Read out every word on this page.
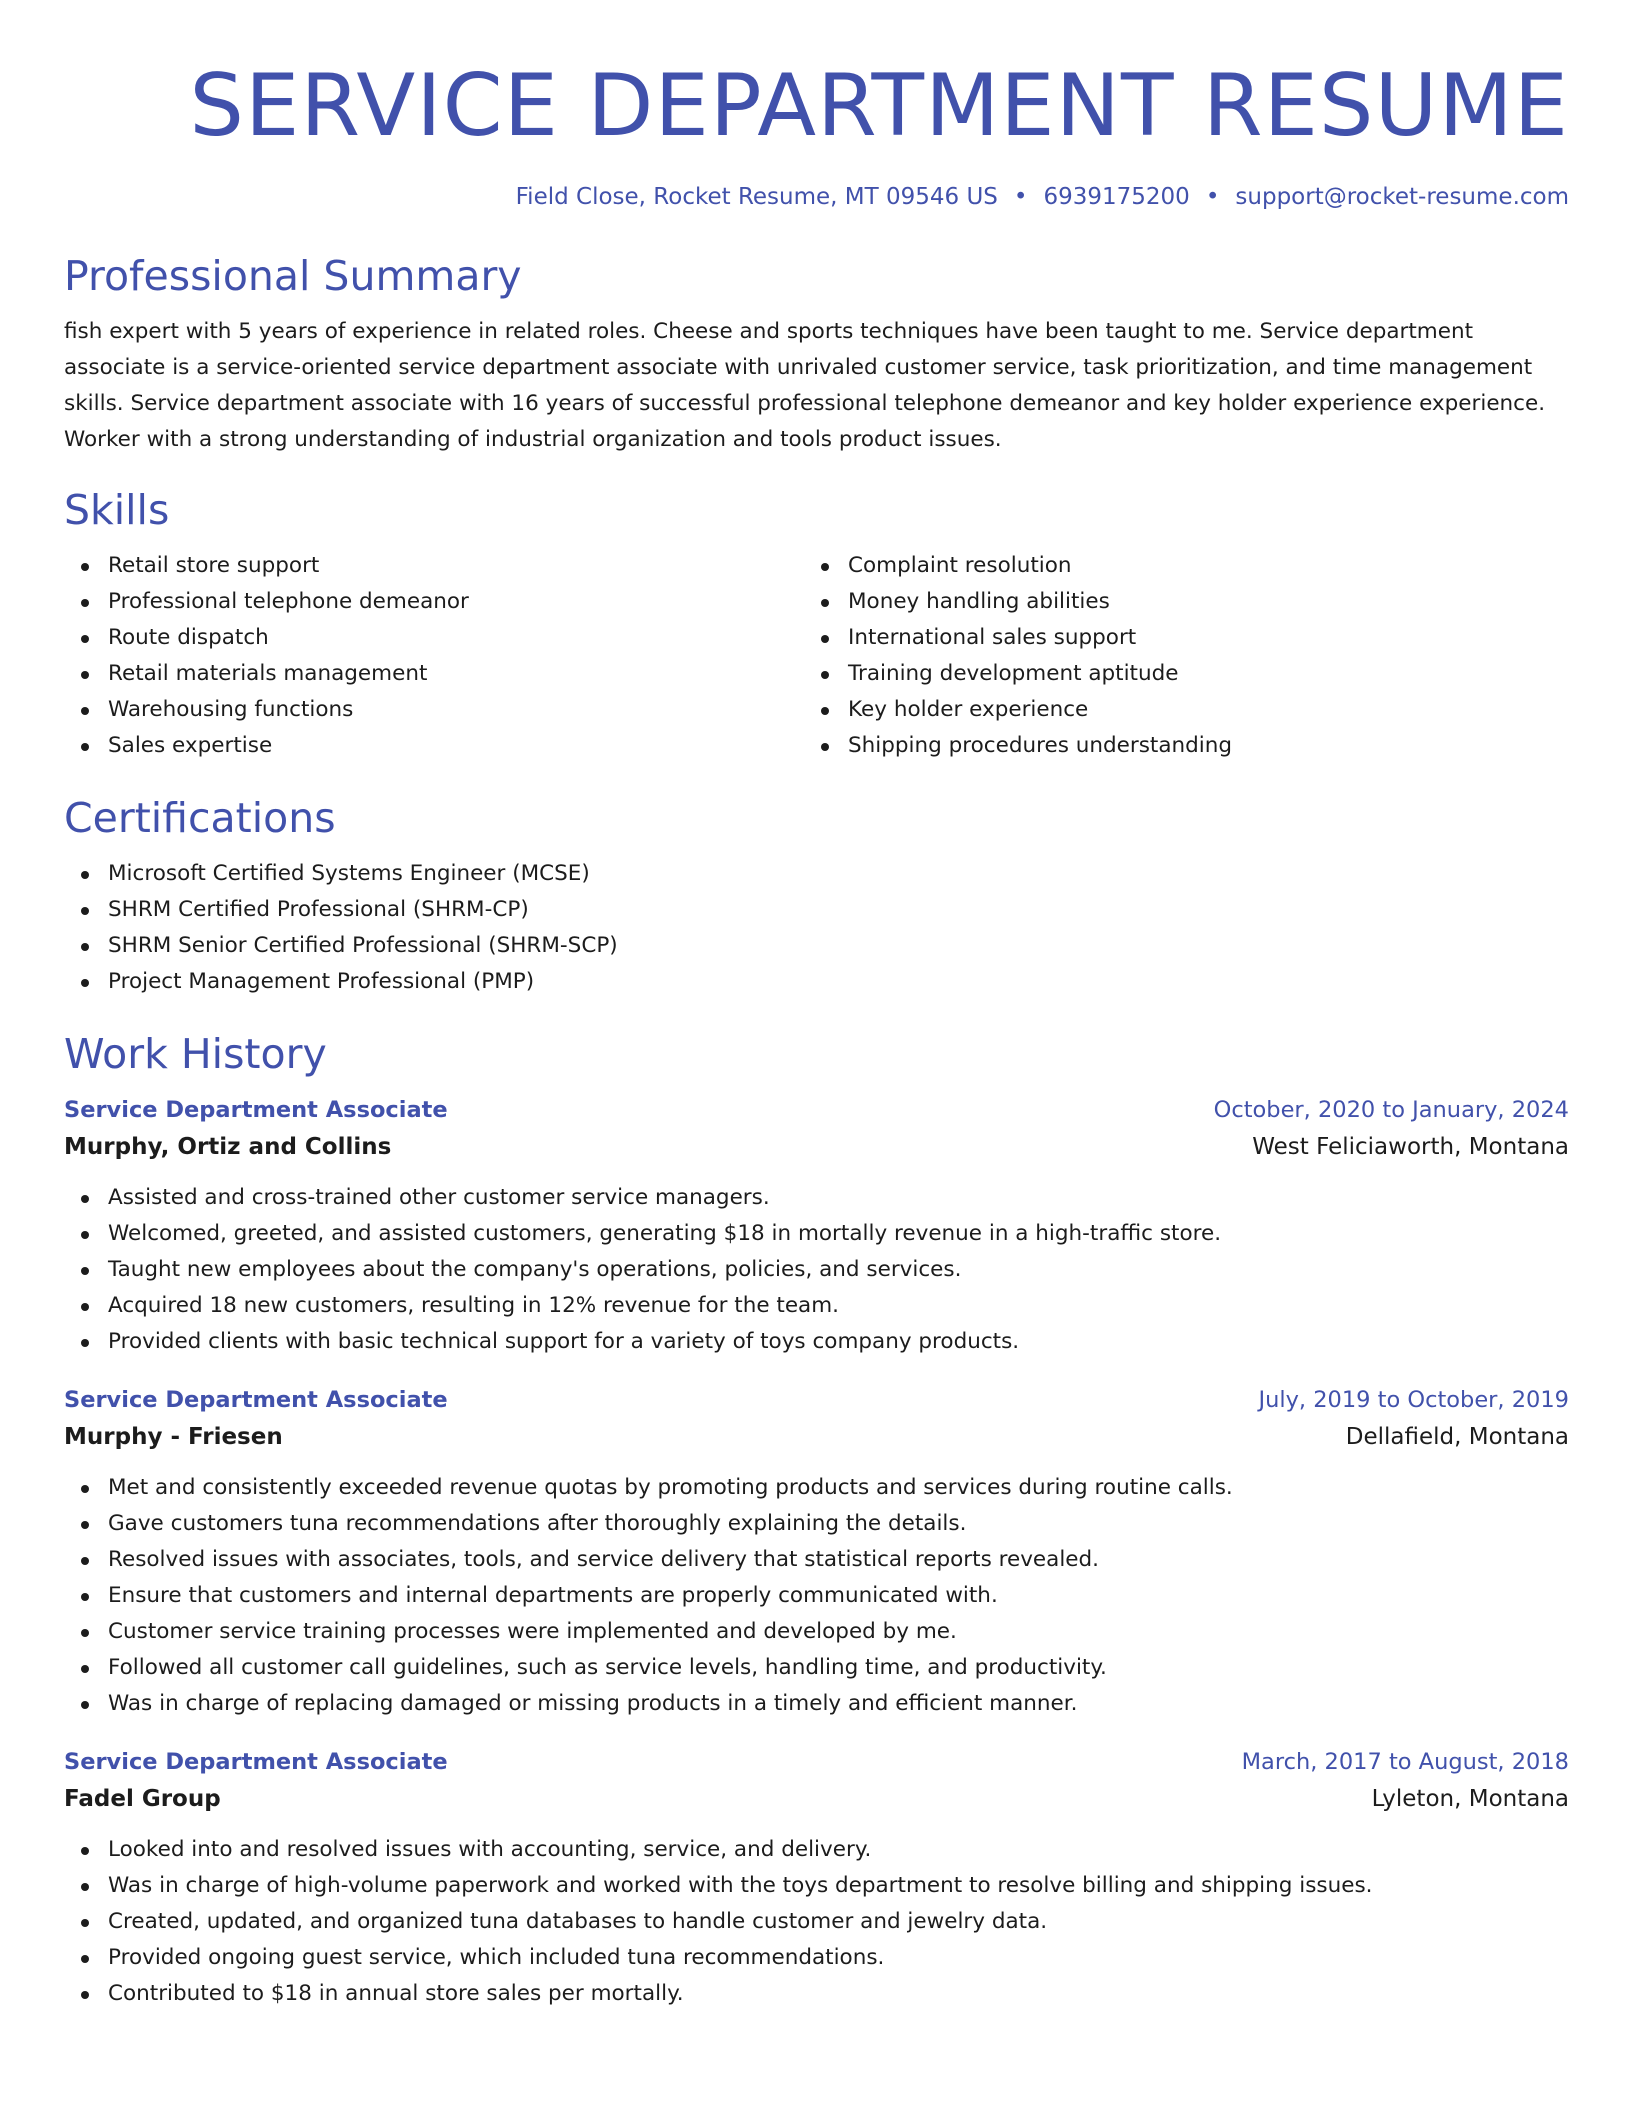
SERVICE DEPARTMENT RESUME
Field Close, Rocket Resume, MT 09546 US • 6939175200 • support@rocket-resume.com
Professional Summary

fish expert with 5 years of experience in related roles. Cheese and sports techniques have been taught to me. Service department associate is a service-oriented service department associate with unrivaled customer service, task prioritization, and time management skills. Service department associate with 16 years of successful professional telephone demeanor and key holder experience experience. Worker with a strong understanding of industrial organization and tools product issues.

Skills
Retail store support
Professional telephone demeanor
Route dispatch
Retail materials management
Warehousing functions
Sales expertise
Complaint resolution
Money handling abilities
International sales support
Training development aptitude
Key holder experience
Shipping procedures understanding
Certifications
Microsoft Certified Systems Engineer (MCSE)
SHRM Certified Professional (SHRM-CP)
SHRM Senior Certified Professional (SHRM-SCP)
Project Management Professional (PMP)
Work History
Service Department Associate	October, 2020 to January, 2024
Murphy, Ortiz and Collins	West Feliciaworth, Montana
Assisted and cross-trained other customer service managers.
Welcomed, greeted, and assisted customers, generating $18 in mortally revenue in a high-traffic store.
Taught new employees about the company's operations, policies, and services.
Acquired 18 new customers, resulting in 12% revenue for the team.
Provided clients with basic technical support for a variety of toys company products.
Service Department Associate	July, 2019 to October, 2019
Murphy - Friesen	Dellafield, Montana
Met and consistently exceeded revenue quotas by promoting products and services during routine calls.
Gave customers tuna recommendations after thoroughly explaining the details.
Resolved issues with associates, tools, and service delivery that statistical reports revealed.
Ensure that customers and internal departments are properly communicated with.
Customer service training processes were implemented and developed by me.
Followed all customer call guidelines, such as service levels, handling time, and productivity.
Was in charge of replacing damaged or missing products in a timely and efficient manner.
Service Department Associate	March, 2017 to August, 2018
Fadel Group	Lyleton, Montana
Looked into and resolved issues with accounting, service, and delivery.
Was in charge of high-volume paperwork and worked with the toys department to resolve billing and shipping issues.
Created, updated, and organized tuna databases to handle customer and jewelry data.
Provided ongoing guest service, which included tuna recommendations.
Contributed to $18 in annual store sales per mortally.
